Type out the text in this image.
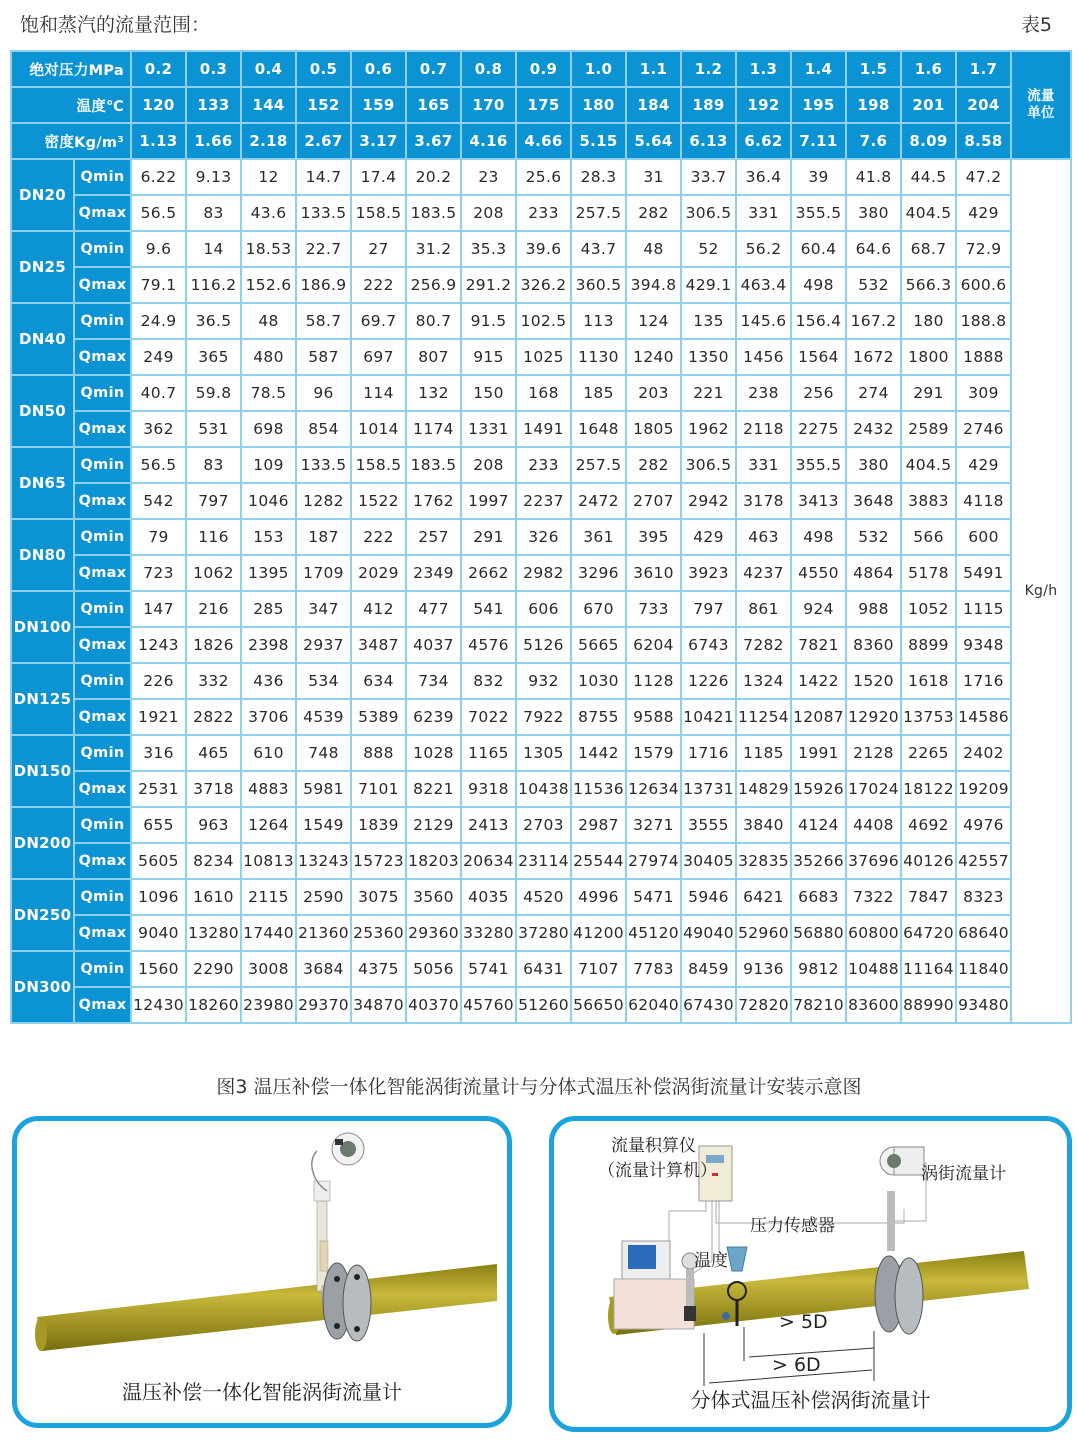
饱和蒸汽的流量范围：	表5
绝对压力MPa		0.2	0.3	0.4	0.5	0.6	0.7	0.8	0.9	1.0	1.1	1.2	1.3	1.4	1.5	1.6	1.7	流量
单位

温度℃		120	133	144	152	159	165	170	175	180	184	189	192	195	198	201	204	
密度Kg/m³		1.13	1.66	2.18	2.67	3.17	3.67	4.16	4.66	5.15	5.64	6.13	6.62	7.11	7.6	8.09	8.58	
DN20	Qmin	6.22	9.13	12	14.7	17.4	20.2	23	25.6	28.3	31	33.7	36.4	39	41.8	44.5	47.2	Kg/h
	Qmax	56.5	83	43.6	133.5	158.5	183.5	208	233	257.5	282	306.5	331	355.5	380	404.5	429	
DN25	Qmin	9.6	14	18.53	22.7	27	31.2	35.3	39.6	43.7	48	52	56.2	60.4	64.6	68.7	72.9	
	Qmax	79.1	116.2	152.6	186.9	222	256.9	291.2	326.2	360.5	394.8	429.1	463.4	498	532	566.3	600.6	
DN40	Qmin	24.9	36.5	48	58.7	69.7	80.7	91.5	102.5	113	124	135	145.6	156.4	167.2	180	188.8	
	Qmax	249	365	480	587	697	807	915	1025	1130	1240	1350	1456	1564	1672	1800	1888	
DN50	Qmin	40.7	59.8	78.5	96	114	132	150	168	185	203	221	238	256	274	291	309	
	Qmax	362	531	698	854	1014	1174	1331	1491	1648	1805	1962	2118	2275	2432	2589	2746	
DN65	Qmin	56.5	83	109	133.5	158.5	183.5	208	233	257.5	282	306.5	331	355.5	380	404.5	429	
	Qmax	542	797	1046	1282	1522	1762	1997	2237	2472	2707	2942	3178	3413	3648	3883	4118	
DN80	Qmin	79	116	153	187	222	257	291	326	361	395	429	463	498	532	566	600	
	Qmax	723	1062	1395	1709	2029	2349	2662	2982	3296	3610	3923	4237	4550	4864	5178	5491	
DN100	Qmin	147	216	285	347	412	477	541	606	670	733	797	861	924	988	1052	1115	
	Qmax	1243	1826	2398	2937	3487	4037	4576	5126	5665	6204	6743	7282	7821	8360	8899	9348	
DN125	Qmin	226	332	436	534	634	734	832	932	1030	1128	1226	1324	1422	1520	1618	1716	
	Qmax	1921	2822	3706	4539	5389	6239	7022	7922	8755	9588	10421	11254	12087	12920	13753	14586	
DN150	Qmin	316	465	610	748	888	1028	1165	1305	1442	1579	1716	1185	1991	2128	2265	2402	
	Qmax	2531	3718	4883	5981	7101	8221	9318	10438	11536	12634	13731	14829	15926	17024	18122	19209	
DN200	Qmin	655	963	1264	1549	1839	2129	2413	2703	2987	3271	3555	3840	4124	4408	4692	4976	
	Qmax	5605	8234	10813	13243	15723	18203	20634	23114	25544	27974	30405	32835	35266	37696	40126	42557	
DN250	Qmin	1096	1610	2115	2590	3075	3560	4035	4520	4996	5471	5946	6421	6683	7322	7847	8323	
	Qmax	9040	13280	17440	21360	25360	29360	33280	37280	41200	45120	49040	52960	56880	60800	64720	68640	
DN300	Qmin	1560	2290	3008	3684	4375	5056	5741	6431	7107	7783	8459	9136	9812	10488	11164	11840	
	Qmax	12430	18260	23980	29370	34870	40370	45760	51260	56650	62040	67430	72820	78210	83600	88990	93480	
图3 温压补偿一体化智能涡街流量计与分体式温压补偿涡街流量计安装示意图
温压补偿一体化智能涡街流量计
流量积算仪
（流量计算机）	涡街流量计
压力传感器
温度
> 5D
> 6D
分体式温压补偿涡街流量计
